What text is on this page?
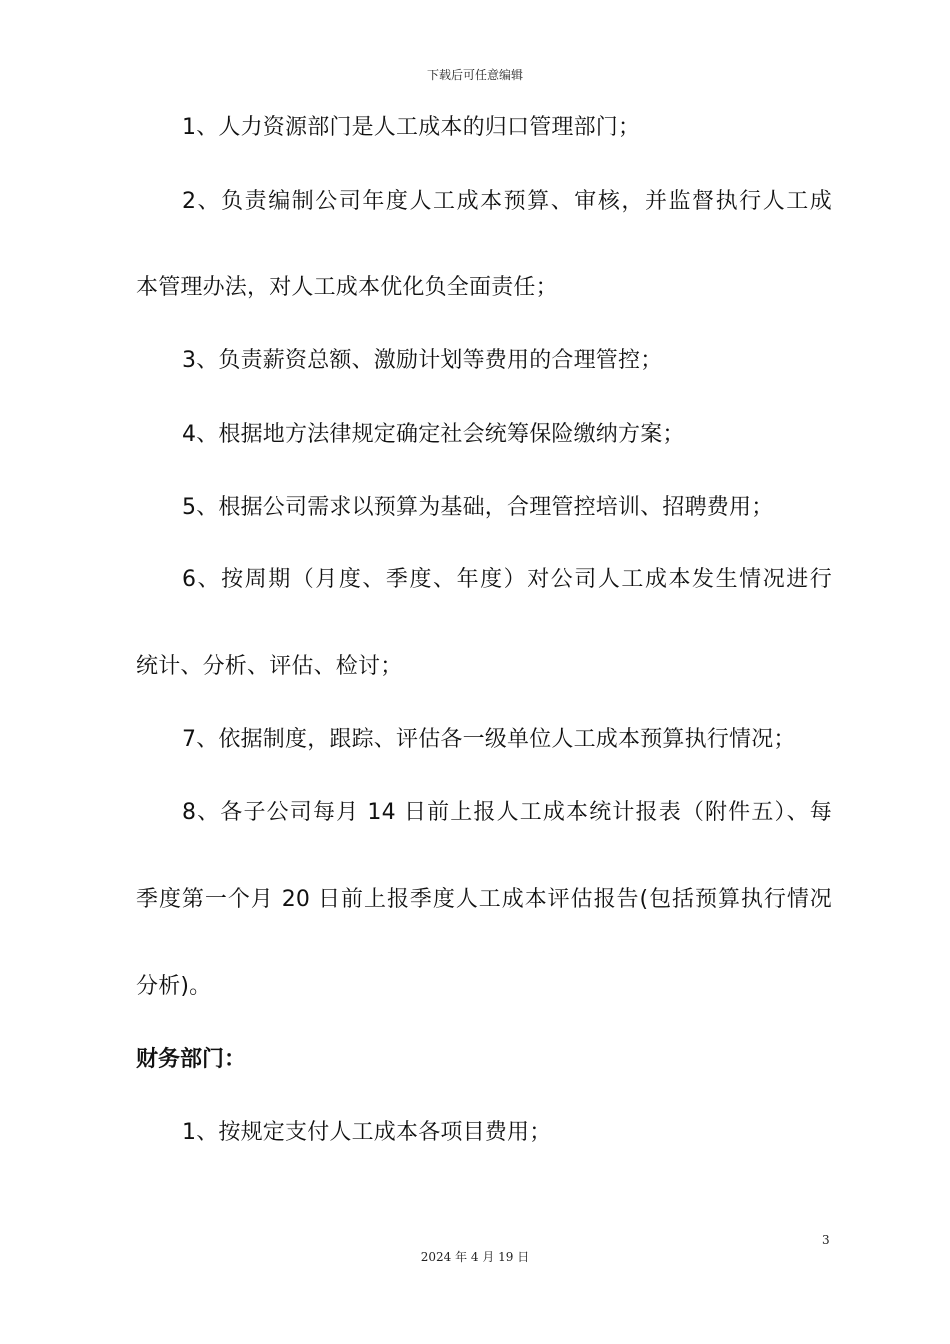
下载后可任意编辑
1、人力资源部门是人工成本的归口管理部门；
2、负责编制公司年度人工成本预算、审核，并监督执行人工成
本管理办法，对人工成本优化负全面责任；
3、负责薪资总额、激励计划等费用的合理管控；
4、根据地方法律规定确定社会统筹保险缴纳方案；
5、根据公司需求以预算为基础，合理管控培训、招聘费用；
6、按周期（月度、季度、年度）对公司人工成本发生情况进行
统计、分析、评估、检讨；
7、依据制度，跟踪、评估各一级单位人工成本预算执行情况；
8、各子公司每月 14 日前上报人工成本统计报表（附件五）、每
季度第一个月 20 日前上报季度人工成本评估报告(包括预算执行情况
分析)。
财务部门：
1、按规定支付人工成本各项目费用；
3
2024 年 4 月 19 日
